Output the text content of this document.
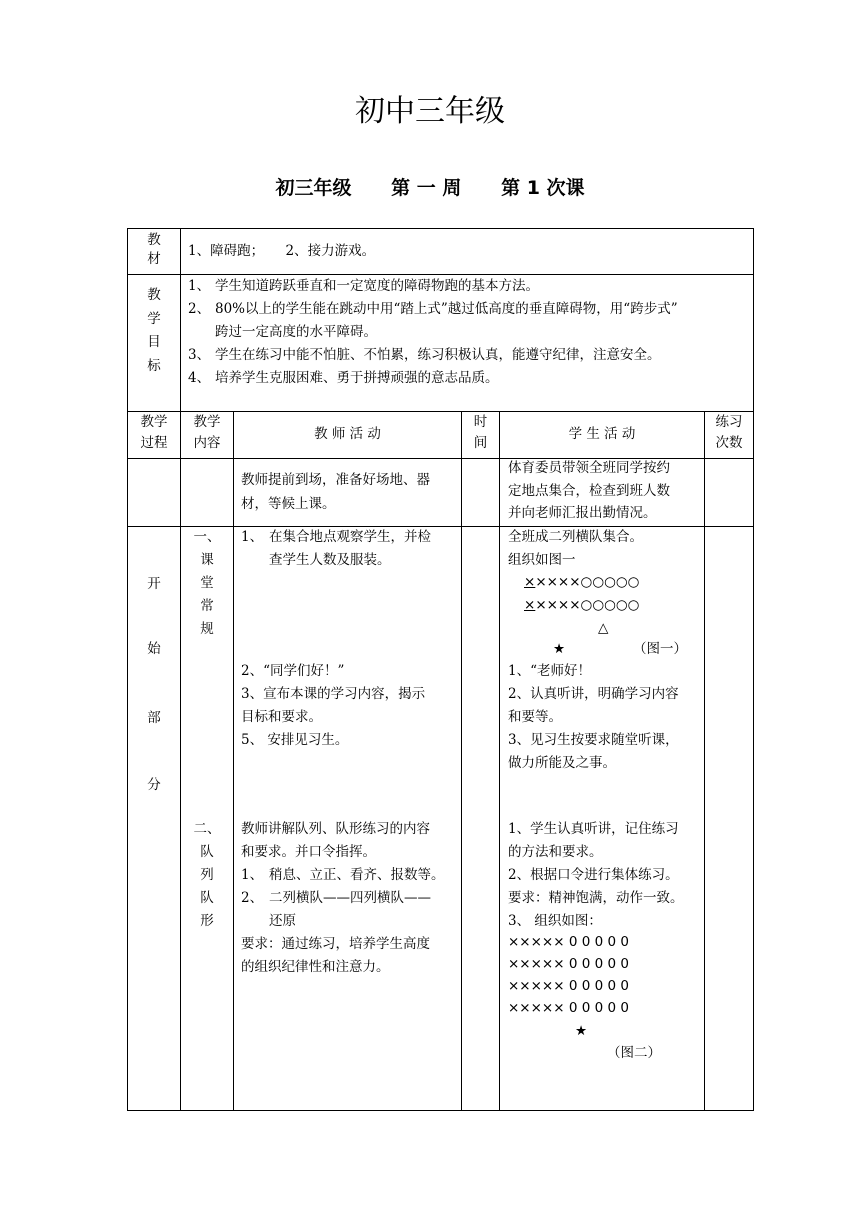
初中三年级
初三年级      第 一 周      第 1 次课
教材 1、障碍跑；     2、接力游戏。
教
学
目
标
1、 学生知道跨跃垂直和一定宽度的障碍物跑的基本方法。
2、 80%以上的学生能在跳动中用“踏上式”越过低高度的垂直障碍物，用“跨步式”
跨过一定高度的水平障碍。
3、 学生在练习中能不怕脏、不怕累，练习积极认真，能遵守纪律，注意安全。
4、 培养学生克服困难、勇于拼搏顽强的意志品质。
教学
过程
教学
内容
教 师 活 动
时
间
学 生 活 动
练习
次数
教师提前到场，准备好场地、器
材，等候上课。
体育委员带领全班同学按约
定地点集合，检查到班人数
并向老师汇报出勤情况。
开
始
部
分
一、
课
堂
常
规
1、 在集合地点观察学生，并检
查学生人数及服装。
2、“同学们好！”
3、宣布本课的学习内容，揭示
目标和要求。
5、 安排见习生。
全班成二列横队集合。
组织如图一
×××××○○○○○
×××××○○○○○
△
★	（图一）
1、“老师好！
2、认真听讲，明确学习内容
和要等。
3、见习生按要求随堂听课，
做力所能及之事。
二、
队
列
队
形
教师讲解队列、队形练习的内容
和要求。并口令指挥。
1、 稍息、立正、看齐、报数等。
2、 二列横队——四列横队——
还原
要求：通过练习，培养学生高度
的组织纪律性和注意力。
1、学生认真听讲，记住练习
的方法和要求。
2、根据口令进行集体练习。
要求：精神饱满，动作一致。
3、 组织如图：
××××× 0 0 0 0 0
××××× 0 0 0 0 0
××××× 0 0 0 0 0
××××× 0 0 0 0 0
★
（图二）
